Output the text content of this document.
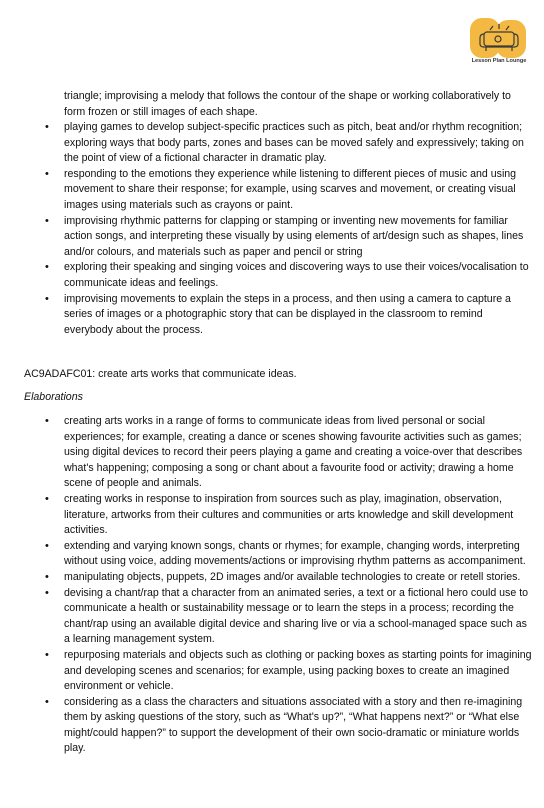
Lesson Plan Lounge

triangle; improvising a melody that follows the contour of the shape or working collaboratively to form frozen or still images of each shape.

• playing games to develop subject-specific practices such as pitch, beat and/or rhythm recognition; exploring ways that body parts, zones and bases can be moved safely and expressively; taking on the point of view of a fictional character in dramatic play.
• responding to the emotions they experience while listening to different pieces of music and using movement to share their response; for example, using scarves and movement, or creating visual images using materials such as crayons or paint.
• improvising rhythmic patterns for clapping or stamping or inventing new movements for familiar action songs, and interpreting these visually by using elements of art/design such as shapes, lines and/or colours, and materials such as paper and pencil or string
• exploring their speaking and singing voices and discovering ways to use their voices/vocalisation to communicate ideas and feelings.
• improvising movements to explain the steps in a process, and then using a camera to capture a series of images or a photographic story that can be displayed in the classroom to remind everybody about the process.
AC9ADAFC01: create arts works that communicate ideas.
Elaborations
• creating arts works in a range of forms to communicate ideas from lived personal or social experiences; for example, creating a dance or scenes showing favourite activities such as games; using digital devices to record their peers playing a game and creating a voice-over that describes what's happening; composing a song or chant about a favourite food or activity; drawing a home scene of people and animals.
• creating works in response to inspiration from sources such as play, imagination, observation, literature, artworks from their cultures and communities or arts knowledge and skill development activities.
• extending and varying known songs, chants or rhymes; for example, changing words, interpreting without using voice, adding movements/actions or improvising rhythm patterns as accompaniment.
• manipulating objects, puppets, 2D images and/or available technologies to create or retell stories.
• devising a chant/rap that a character from an animated series, a text or a fictional hero could use to communicate a health or sustainability message or to learn the steps in a process; recording the chant/rap using an available digital device and sharing live or via a school-managed space such as a learning management system.
• repurposing materials and objects such as clothing or packing boxes as starting points for imagining and developing scenes and scenarios; for example, using packing boxes to create an imagined environment or vehicle.
• considering as a class the characters and situations associated with a story and then re-imagining them by asking questions of the story, such as “What's up?”, “What happens next?” or “What else might/could happen?” to support the development of their own socio-dramatic or miniature worlds play.
